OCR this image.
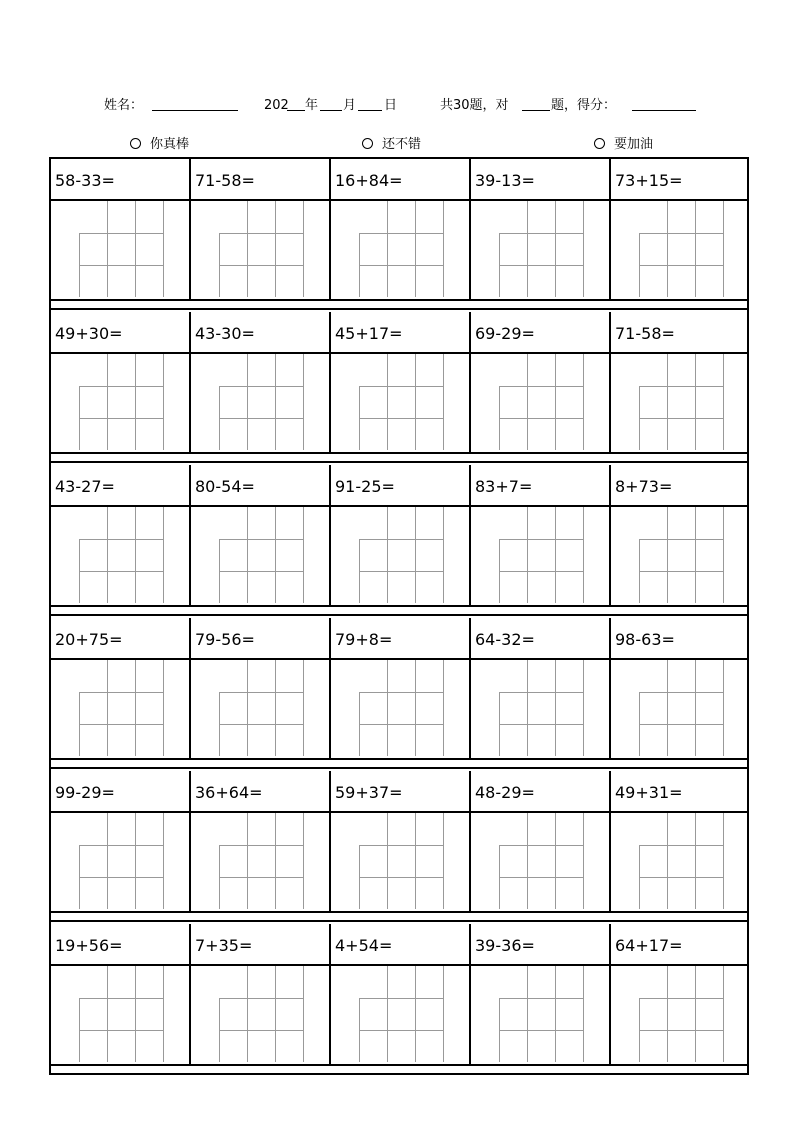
姓名：	202 年 月 日	共30题，对	题，得分：
你真棒	还不错	要加油
58-33=	71-58=	16+84=	39-13=	73+15=
49+30=	43-30=	45+17=	69-29=	71-58=
43-27=	80-54=	91-25=	83+7=	8+73=
20+75=	79-56=	79+8=	64-32=	98-63=
99-29=	36+64=	59+37=	48-29=	49+31=
19+56=	7+35=	4+54=	39-36=	64+17=
